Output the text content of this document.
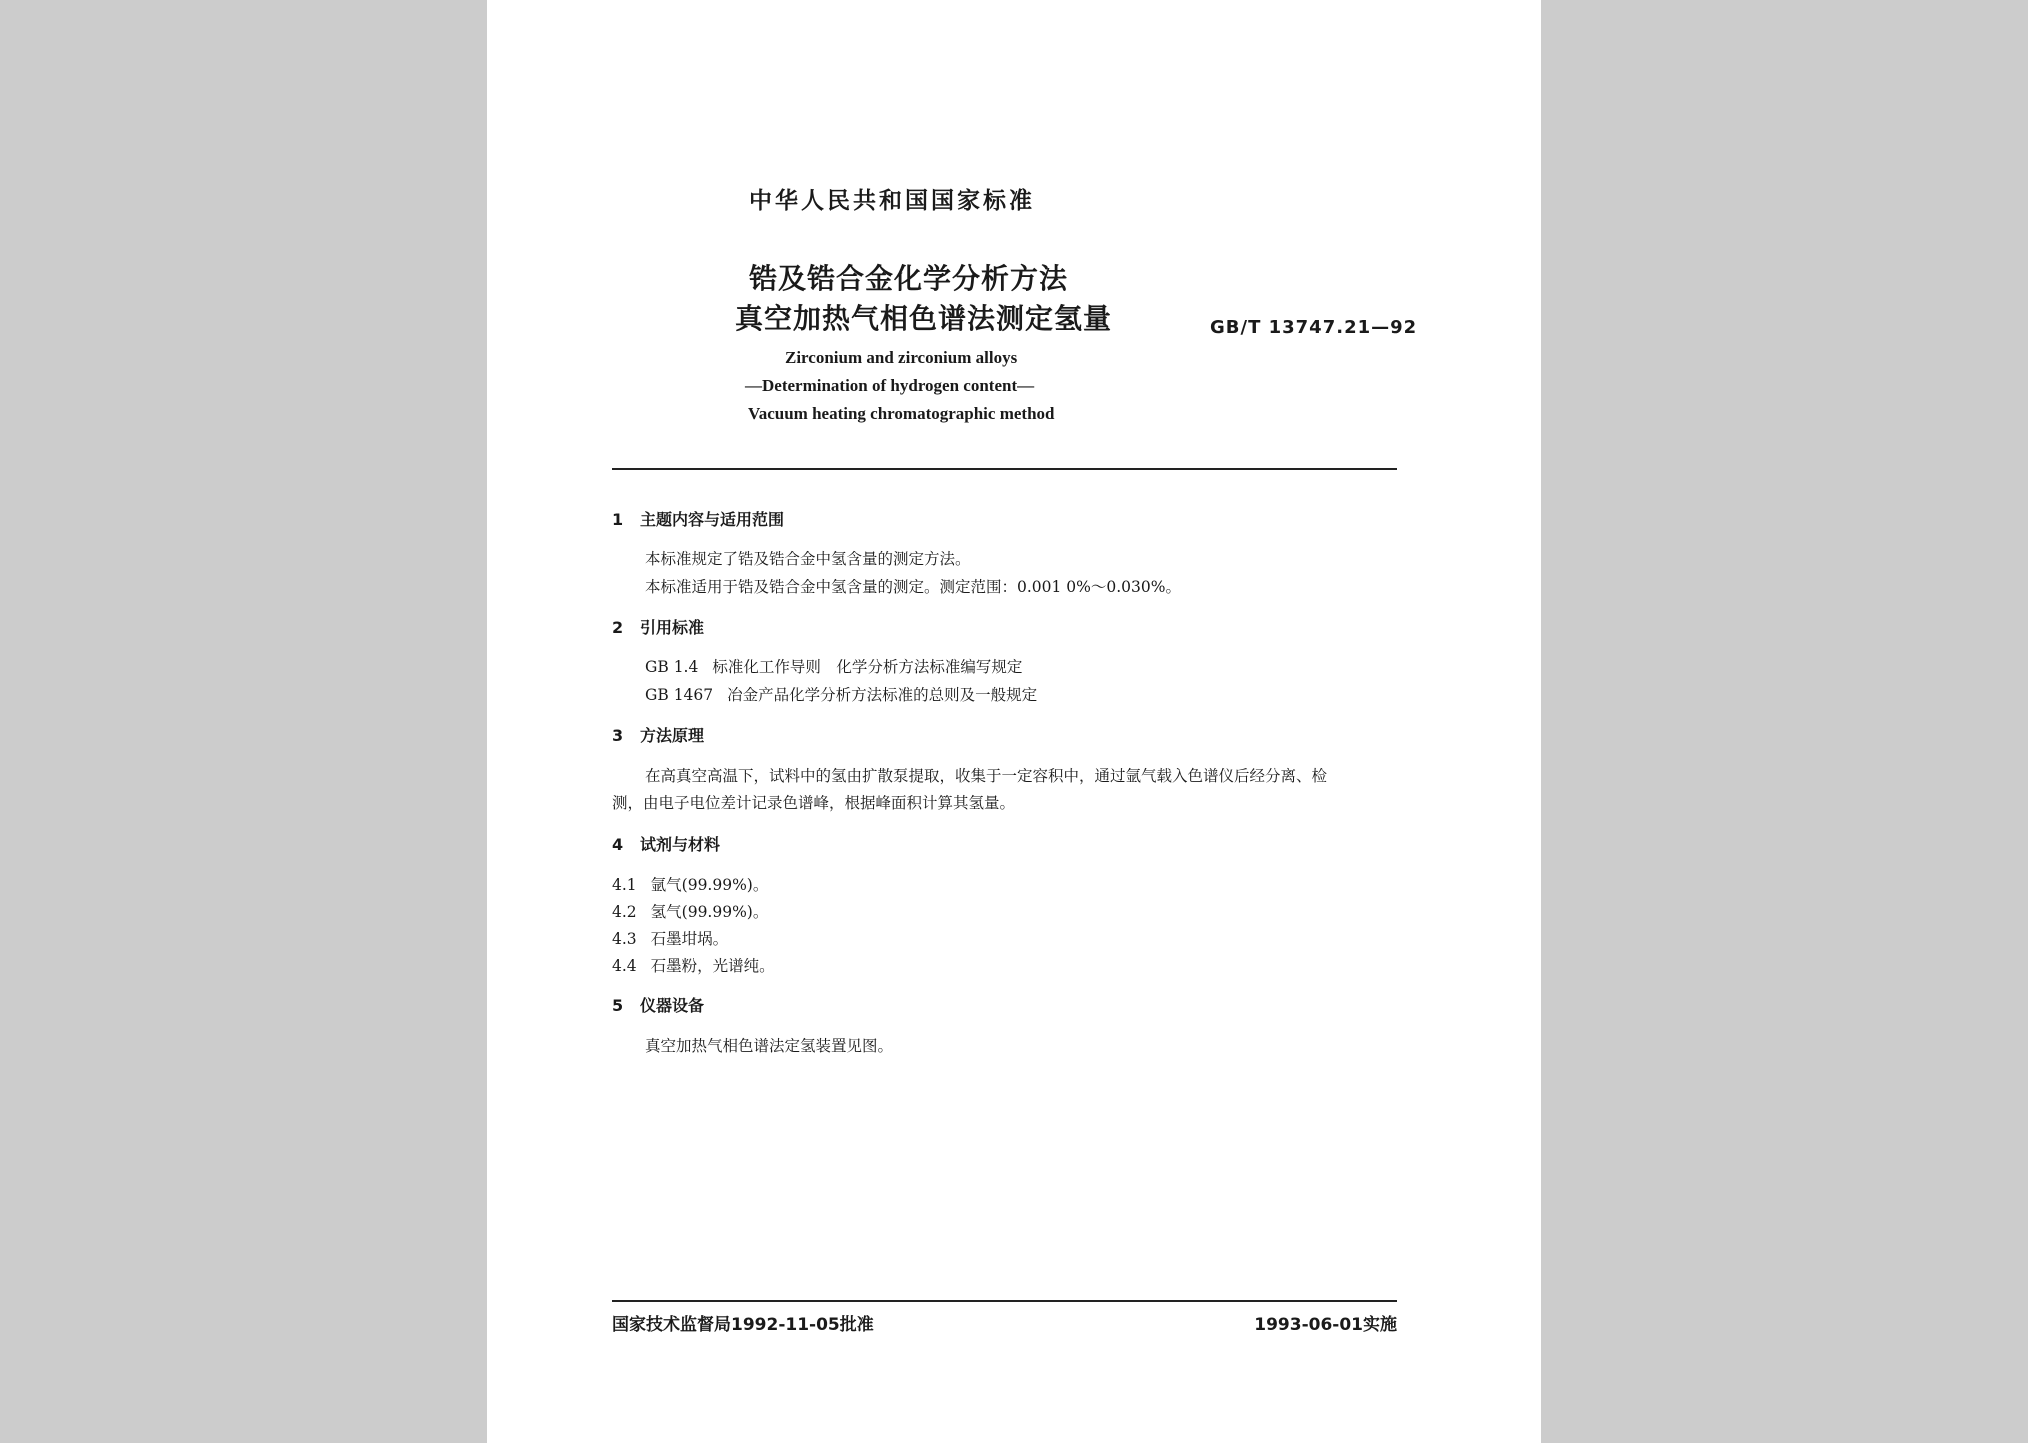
中华人民共和国国家标准
锆及锆合金化学分析方法
真空加热气相色谱法测定氢量	GB/T 13747.21—92
Zirconium and zirconium alloys
—Determination of hydrogen content—
Vacuum heating chromatographic method
1 主题内容与适用范围
本标准规定了锆及锆合金中氢含量的测定方法。
本标准适用于锆及锆合金中氢含量的测定。测定范围：0.001 0%～0.030%。
2 引用标准
GB 1.4 标准化工作导则　化学分析方法标准编写规定
GB 1467 冶金产品化学分析方法标准的总则及一般规定
3 方法原理
在高真空高温下，试料中的氢由扩散泵提取，收集于一定容积中，通过氩气载入色谱仪后经分离、检
测，由电子电位差计记录色谱峰，根据峰面积计算其氢量。
4 试剂与材料
4.1 氩气(99.99%)。
4.2 氢气(99.99%)。
4.3 石墨坩埚。
4.4 石墨粉，光谱纯。
5 仪器设备
真空加热气相色谱法定氢装置见图。
国家技术监督局1992-11-05批准	1993-06-01实施
